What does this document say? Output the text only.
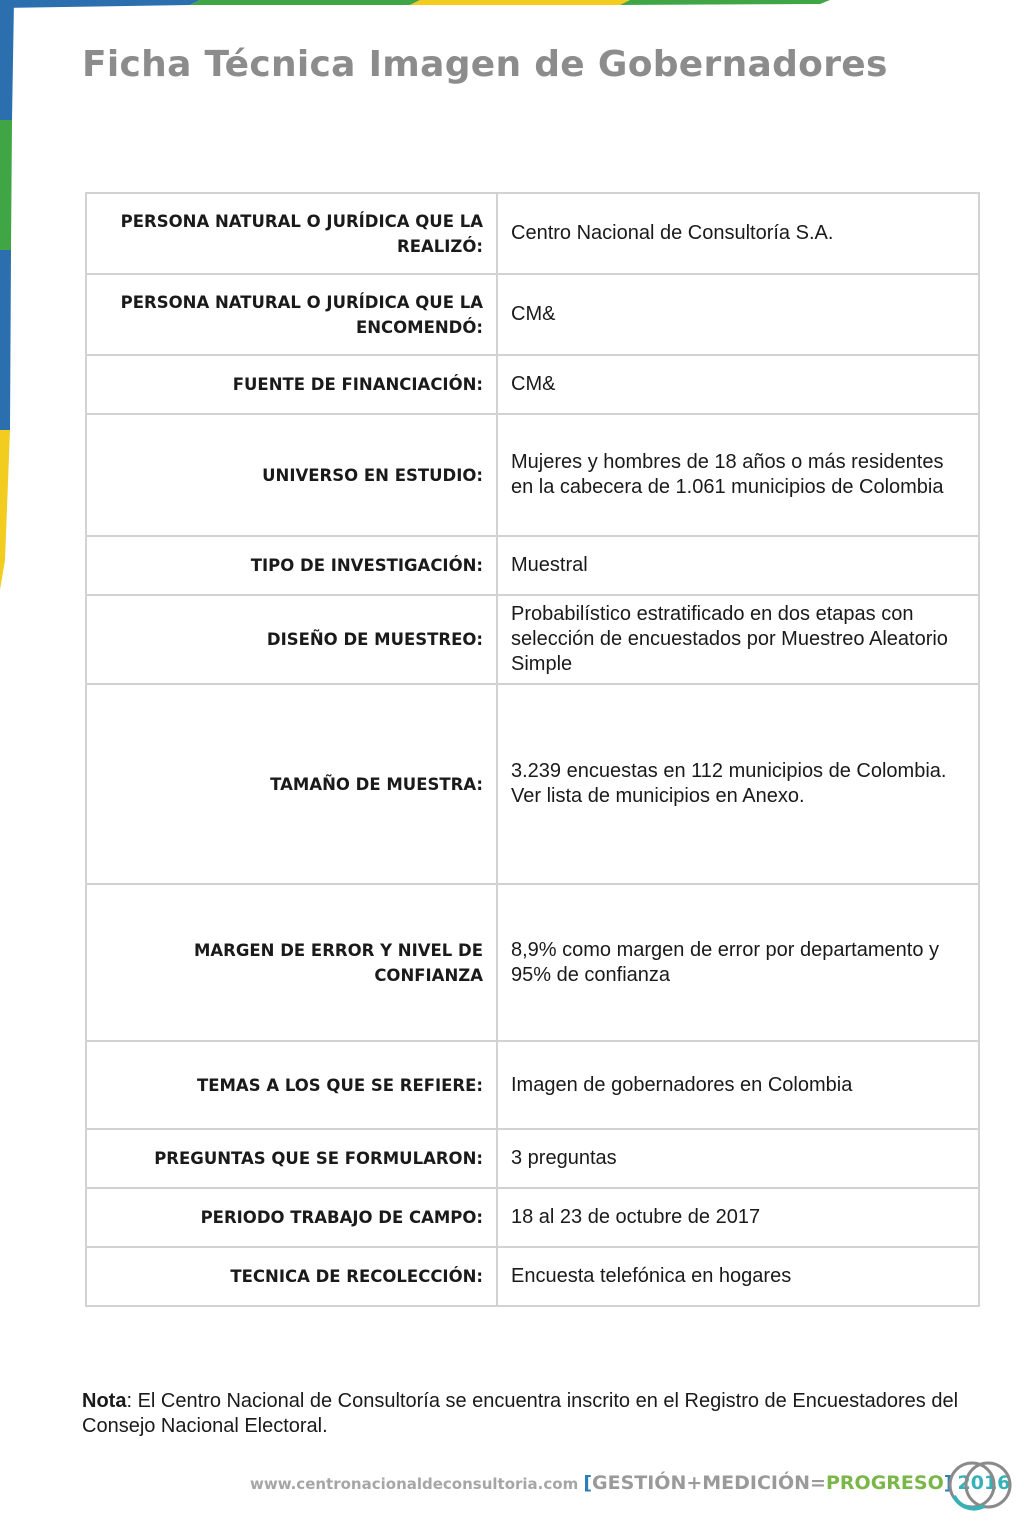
Ficha Técnica Imagen de Gobernadores
PERSONA NATURAL O JURÍDICA QUE LA REALIZÓ:	Centro Nacional de Consultoría S.A.
PERSONA NATURAL O JURÍDICA QUE LA ENCOMENDÓ:	CM&
FUENTE DE FINANCIACIÓN:	CM&
UNIVERSO EN ESTUDIO:	Mujeres y hombres de 18 años o más residentes en la cabecera de 1.061 municipios de Colombia
TIPO DE INVESTIGACIÓN:	Muestral
DISEÑO DE MUESTREO:	Probabilístico estratificado en dos etapas con selección de encuestados por Muestreo Aleatorio Simple
TAMAÑO DE MUESTRA:	3.239 encuestas en 112 municipios de Colombia. Ver lista de municipios en Anexo.
MARGEN DE ERROR Y NIVEL DE CONFIANZA	8,9% como margen de error por departamento y 95% de confianza
TEMAS A LOS QUE SE REFIERE:	Imagen de gobernadores en Colombia
PREGUNTAS QUE SE FORMULARON:	3 preguntas
PERIODO TRABAJO DE CAMPO:	18 al 23 de octubre de 2017
TECNICA DE RECOLECCIÓN:	Encuesta telefónica en hogares

Nota: El Centro Nacional de Consultoría se encuentra inscrito en el Registro de Encuestadores del Consejo Nacional Electoral.

www.centronacionaldeconsultoria.com [GESTIÓN+MEDICIÓN=PROGRESO] 2016
